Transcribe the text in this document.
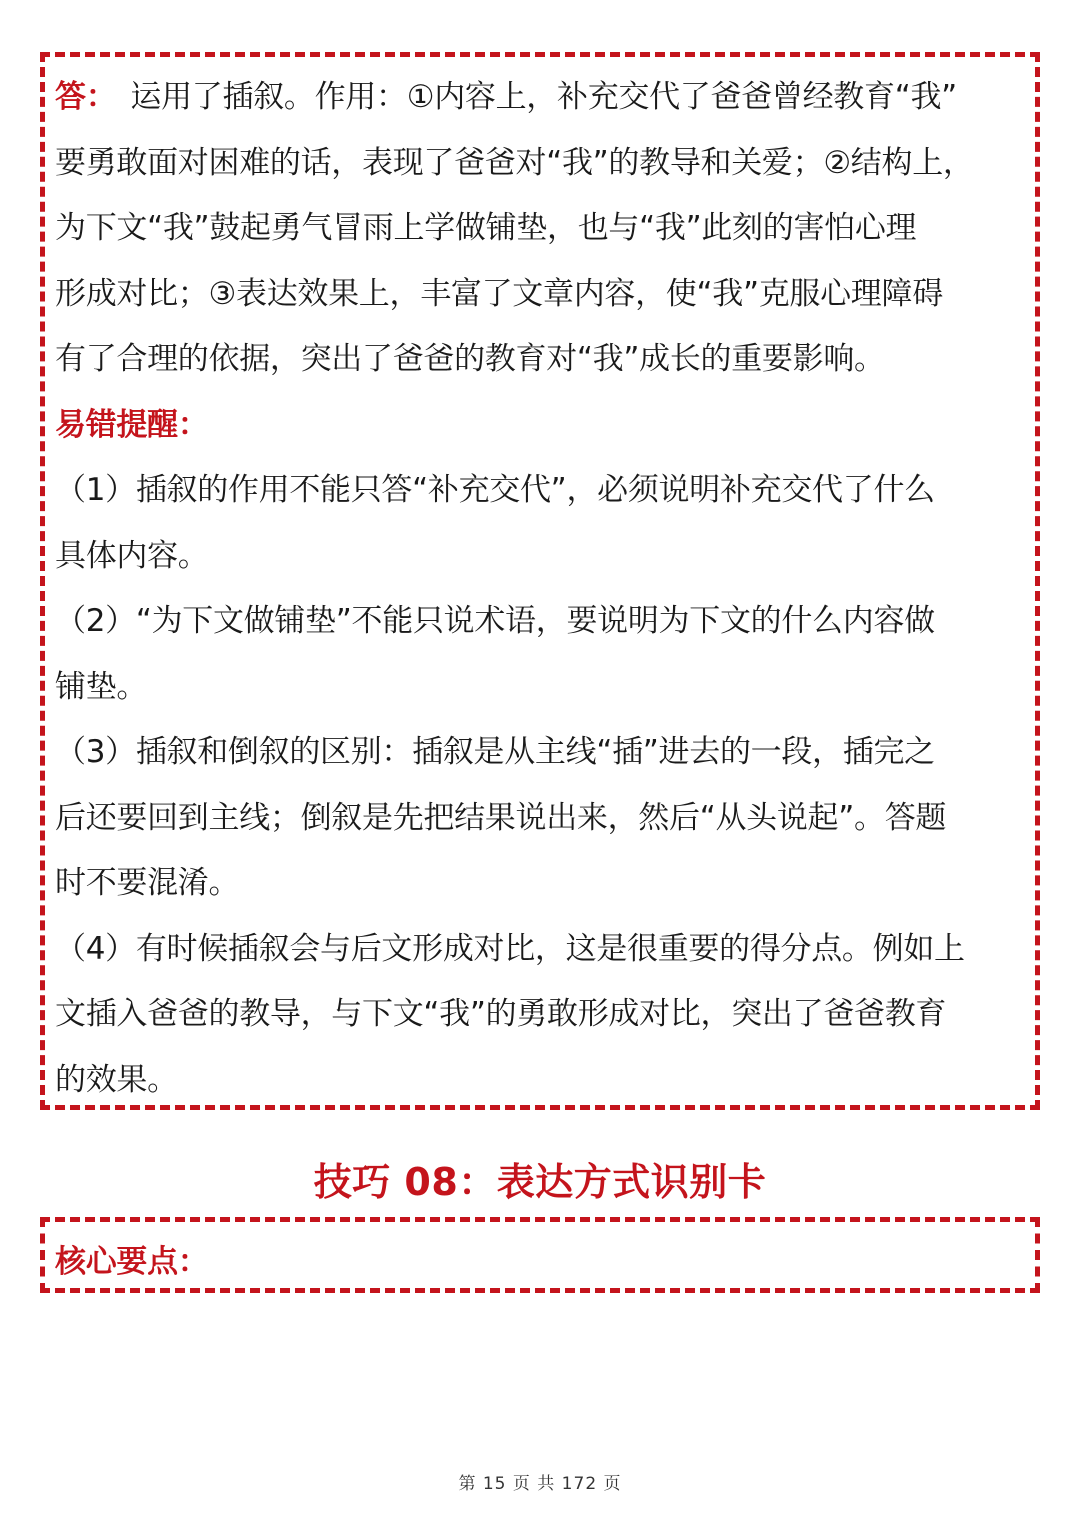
答： 运用了插叙。作用：①内容上，补充交代了爸爸曾经教育“我”
要勇敢面对困难的话，表现了爸爸对“我”的教导和关爱；②结构上，
为下文“我”鼓起勇气冒雨上学做铺垫，也与“我”此刻的害怕心理
形成对比；③表达效果上，丰富了文章内容，使“我”克服心理障碍
有了合理的依据，突出了爸爸的教育对“我”成长的重要影响。
易错提醒：
（1）插叙的作用不能只答“补充交代”，必须说明补充交代了什么
具体内容。
（2）“为下文做铺垫”不能只说术语，要说明为下文的什么内容做
铺垫。
（3）插叙和倒叙的区别：插叙是从主线“插”进去的一段，插完之
后还要回到主线；倒叙是先把结果说出来，然后“从头说起”。答题
时不要混淆。
（4）有时候插叙会与后文形成对比，这是很重要的得分点。例如上
文插入爸爸的教导，与下文“我”的勇敢形成对比，突出了爸爸教育
的效果。
技巧 08：表达方式识别卡
核心要点：
第 15 页 共 172 页
